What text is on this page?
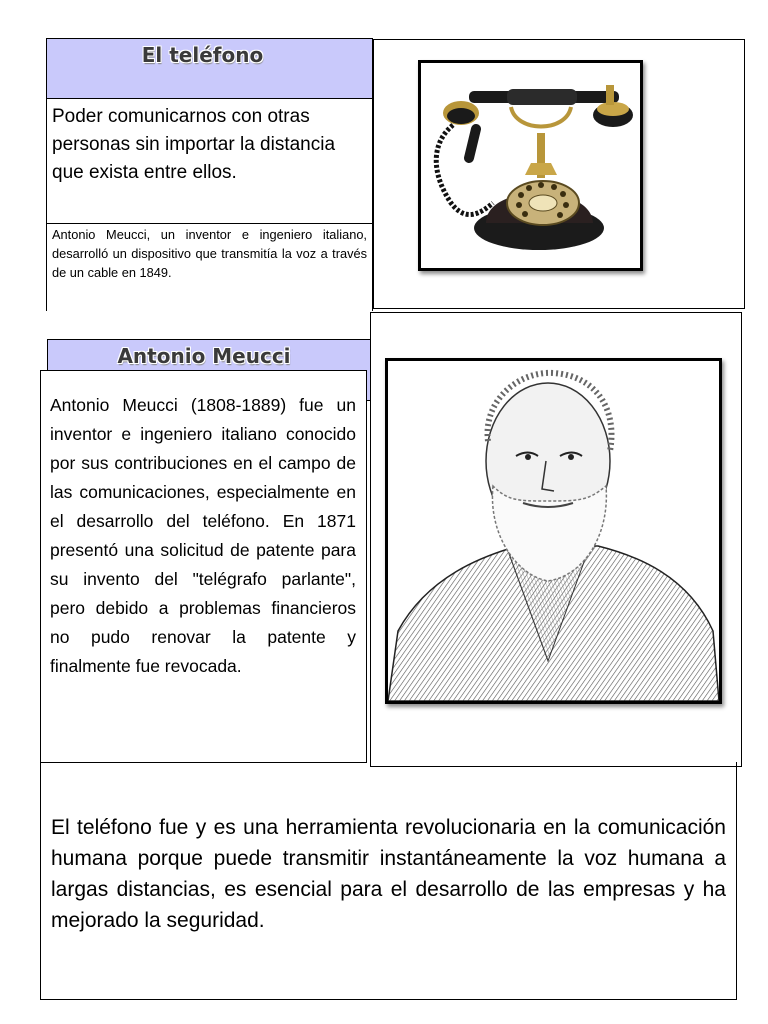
El teléfono
Poder comunicarnos con otras personas sin importar la distancia que exista entre ellos.
Antonio Meucci, un inventor e ingeniero italiano, desarrolló un dispositivo que transmitía la voz a través de un cable en 1849.
Antonio Meucci
Antonio Meucci (1808-1889) fue un inventor e ingeniero italiano conocido por sus contribuciones en el campo de las comunicaciones, especialmente en el desarrollo del teléfono. En 1871 presentó una solicitud de patente para su invento del "telégrafo parlante", pero debido a problemas financieros no pudo renovar la patente y finalmente fue revocada.
El teléfono fue y es una herramienta revolucionaria en la comunicación humana porque puede transmitir instantáneamente la voz humana a largas distancias, es esencial para el desarrollo de las empresas y ha mejorado la seguridad.
